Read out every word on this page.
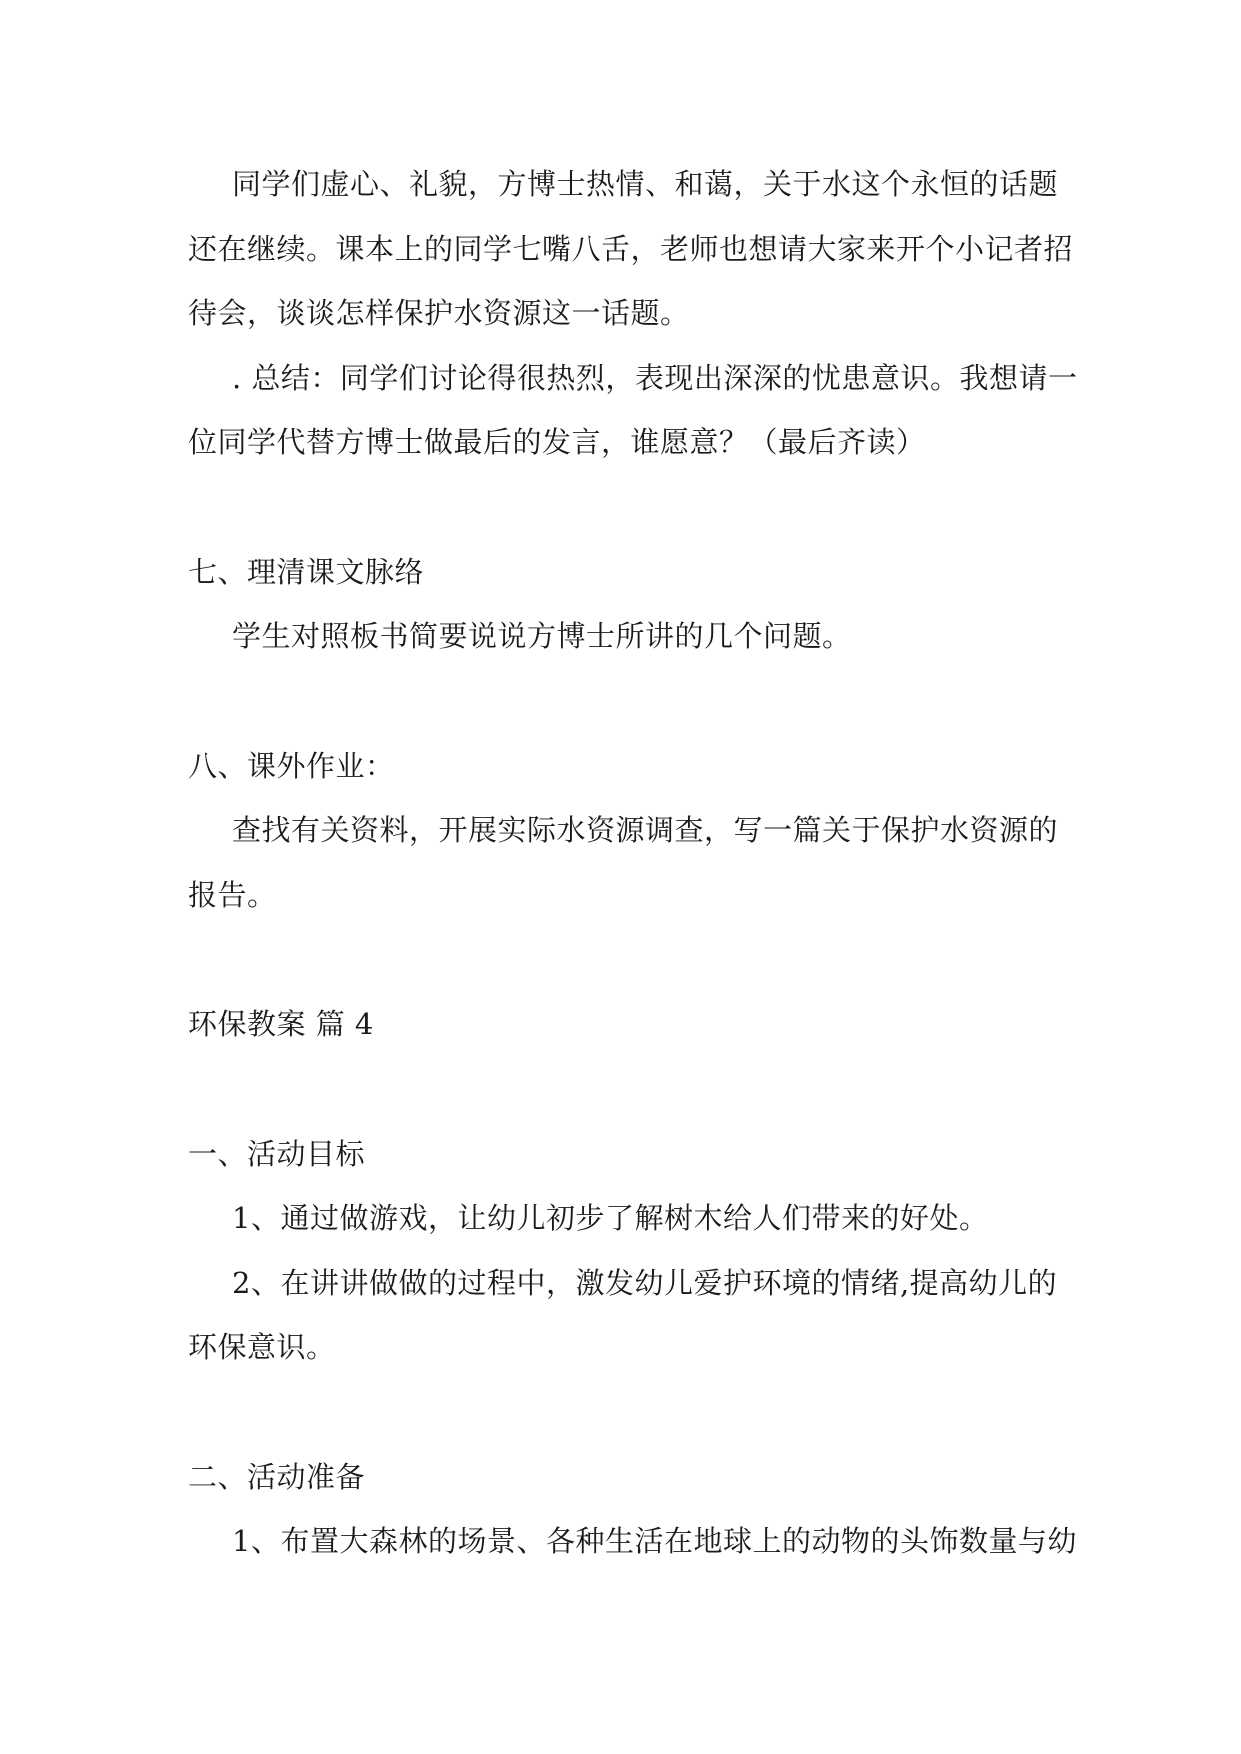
同学们虚心、礼貌，方博士热情、和蔼，关于水这个永恒的话题

还在继续。课本上的同学七嘴八舌，老师也想请大家来开个小记者招

待会，谈谈怎样保护水资源这一话题。

. 总结：同学们讨论得很热烈，表现出深深的忧患意识。我想请一

位同学代替方博士做最后的发言，谁愿意？（最后齐读）

七、理清课文脉络

学生对照板书简要说说方博士所讲的几个问题。

八、课外作业：

查找有关资料，开展实际水资源调查，写一篇关于保护水资源的

报告。

环保教案 篇 4

一、活动目标

1、通过做游戏，让幼儿初步了解树木给人们带来的好处。

2、在讲讲做做的过程中，激发幼儿爱护环境的情绪,提高幼儿的

环保意识。

二、活动准备

1、布置大森林的场景、各种生活在地球上的动物的头饰数量与幼
